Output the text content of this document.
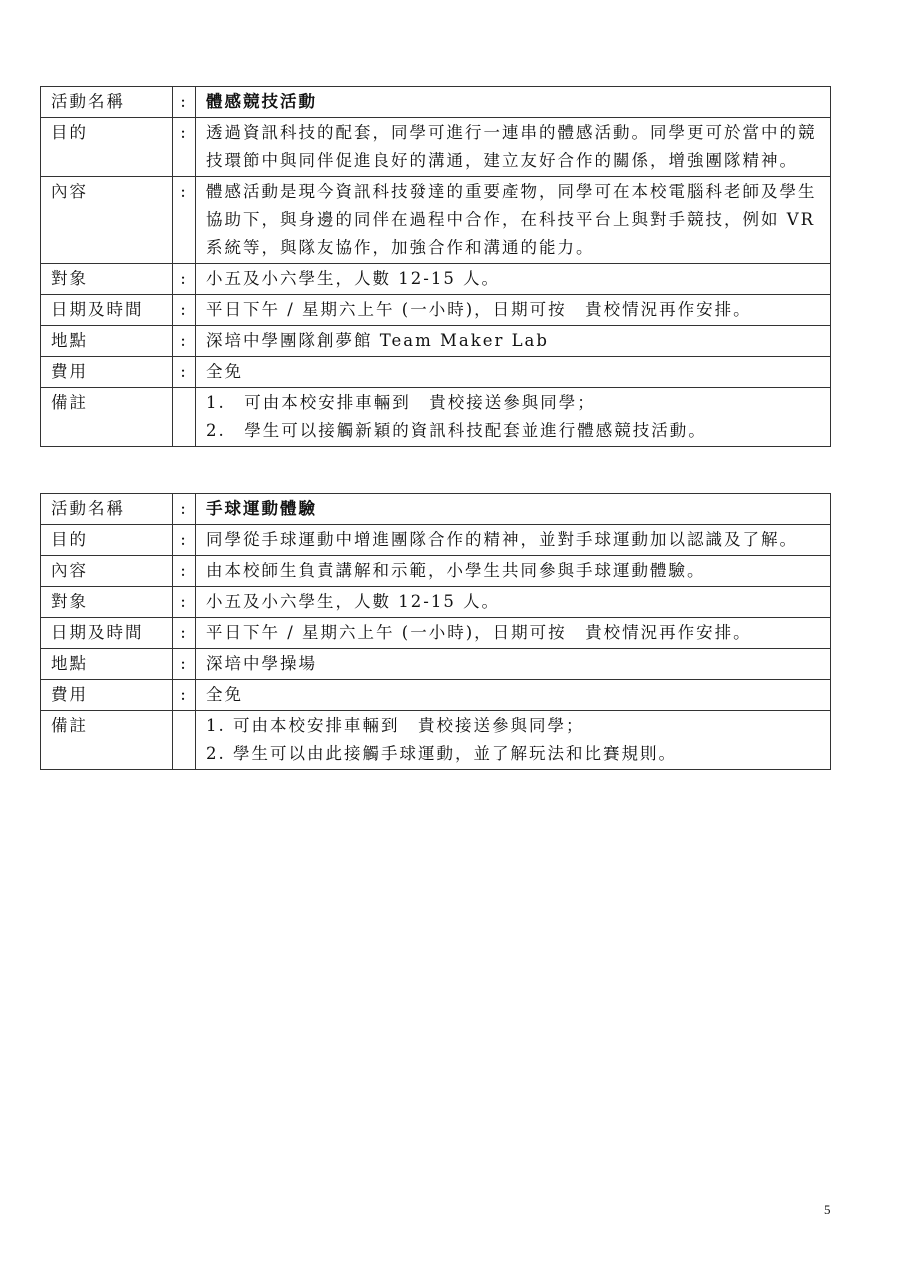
活動名稱	:	體感競技活動
目的	:	透過資訊科技的配套，同學可進行一連串的體感活動。同學更可於當中的競技環節中與同伴促進良好的溝通，建立友好合作的關係，增強團隊精神。
內容	:	體感活動是現今資訊科技發達的重要產物，同學可在本校電腦科老師及學生協助下，與身邊的同伴在過程中合作，在科技平台上與對手競技，例如 VR 系統等，與隊友協作，加強合作和溝通的能力。
對象	:	小五及小六學生，人數 12-15 人。
日期及時間	:	平日下午 / 星期六上午 (一小時)，日期可按　貴校情況再作安排。
地點	:	深培中學團隊創夢館 Team Maker Lab
費用	:	全免
備註		1.　可由本校安排車輛到　貴校接送參與同學；
2.　學生可以接觸新穎的資訊科技配套並進行體感競技活動。
活動名稱	:	手球運動體驗
目的	:	同學從手球運動中增進團隊合作的精神，並對手球運動加以認識及了解。
內容	:	由本校師生負責講解和示範，小學生共同參與手球運動體驗。
對象	:	小五及小六學生，人數 12-15 人。
日期及時間	:	平日下午 / 星期六上午 (一小時)，日期可按　貴校情況再作安排。
地點	:	深培中學操場
費用	:	全免
備註		1. 可由本校安排車輛到　貴校接送參與同學；
2. 學生可以由此接觸手球運動，並了解玩法和比賽規則。
5
